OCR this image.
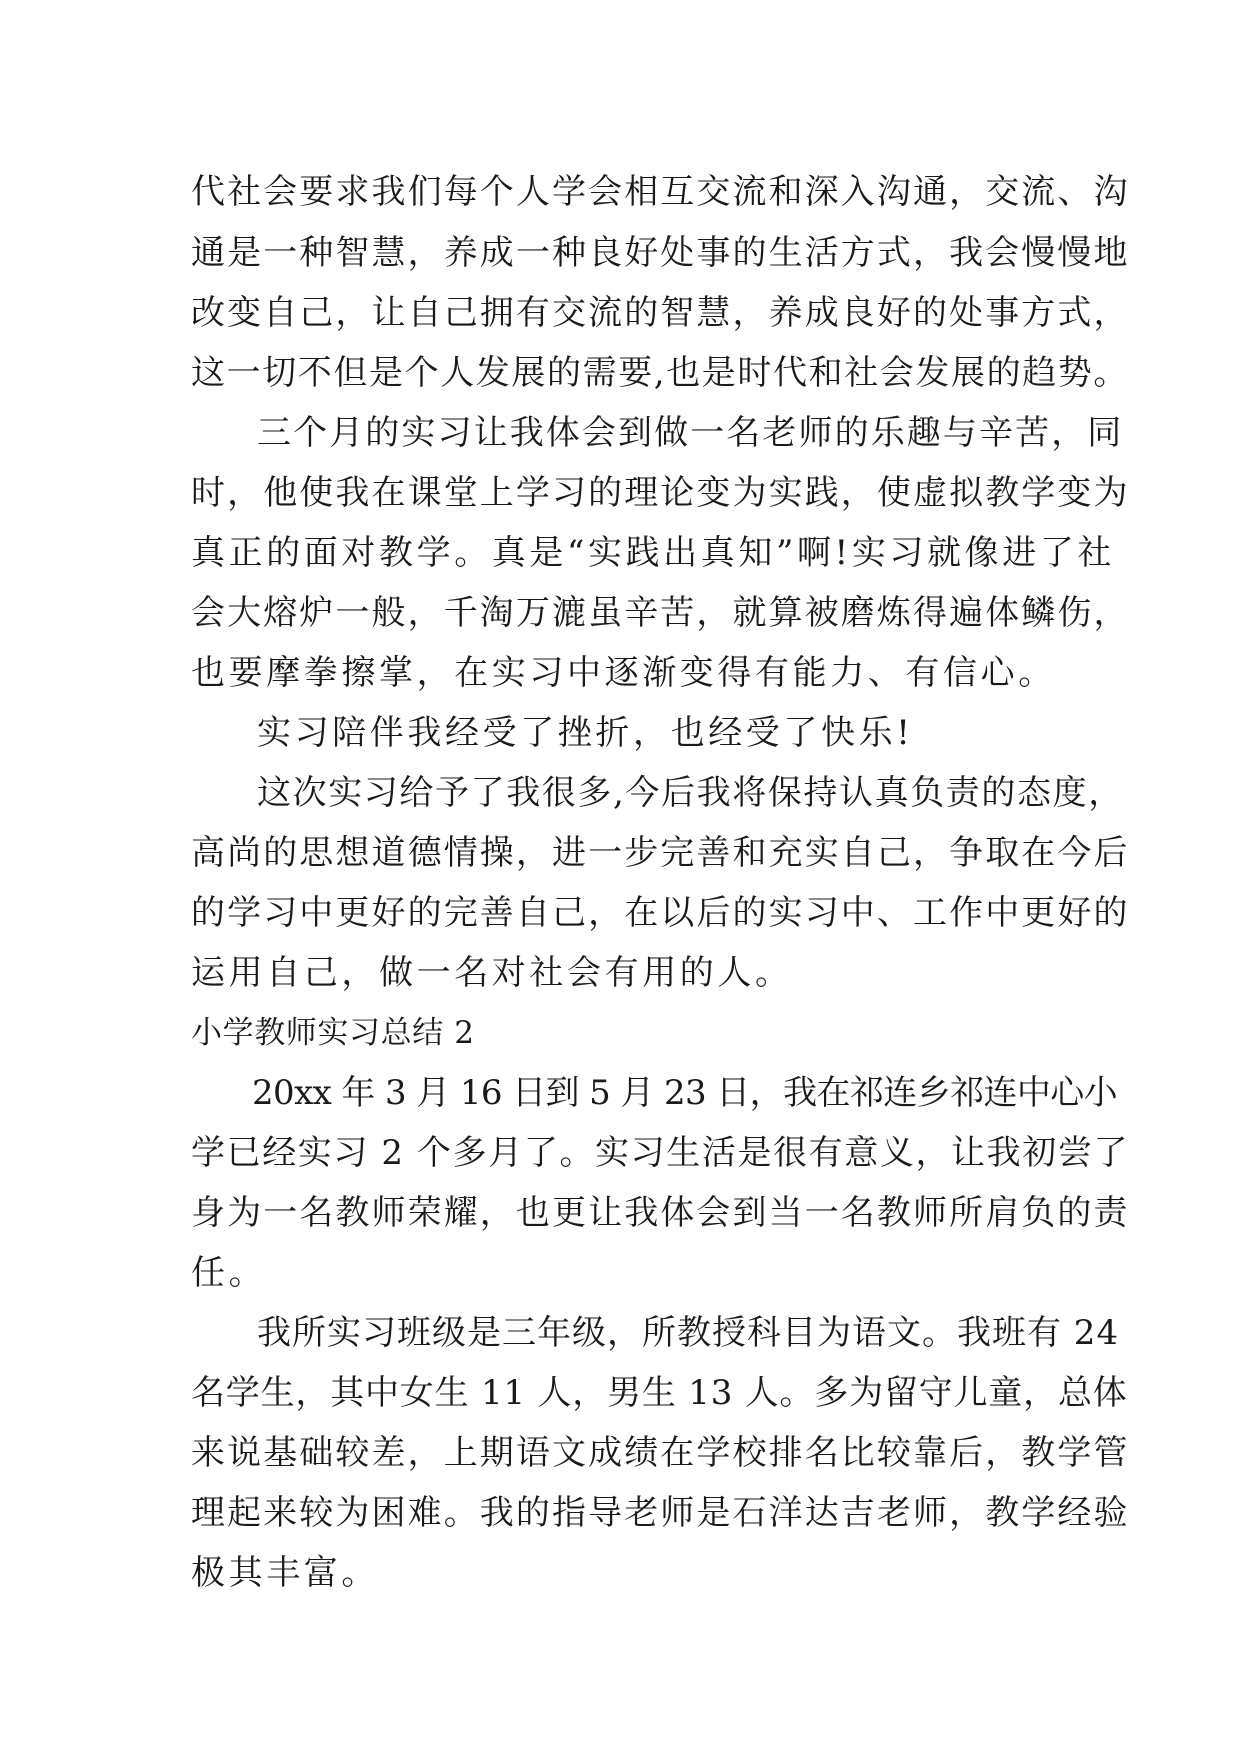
代社会要求我们每个人学会相互交流和深入沟通，交流、沟
通是一种智慧，养成一种良好处事的生活方式，我会慢慢地
改变自己，让自己拥有交流的智慧，养成良好的处事方式，
这一切不但是个人发展的需要,也是时代和社会发展的趋势。
三个月的实习让我体会到做一名老师的乐趣与辛苦，同
时，他使我在课堂上学习的理论变为实践，使虚拟教学变为
真正的面对教学。真是“实践出真知”啊!实习就像进了社
会大熔炉一般，千淘万漉虽辛苦，就算被磨炼得遍体鳞伤，
也要摩拳擦掌，在实习中逐渐变得有能力、有信心。
实习陪伴我经受了挫折，也经受了快乐!
这次实习给予了我很多,今后我将保持认真负责的态度，
高尚的思想道德情操，进一步完善和充实自己，争取在今后
的学习中更好的完善自己，在以后的实习中、工作中更好的
运用自己，做一名对社会有用的人。
小学教师实习总结 2
20xx 年 3 月 16 日到 5 月 23 日，我在祁连乡祁连中心小
学已经实习 2 个多月了。实习生活是很有意义，让我初尝了
身为一名教师荣耀，也更让我体会到当一名教师所肩负的责
任。
我所实习班级是三年级，所教授科目为语文。我班有 24
名学生，其中女生 11 人，男生 13 人。多为留守儿童，总体
来说基础较差，上期语文成绩在学校排名比较靠后，教学管
理起来较为困难。我的指导老师是石洋达吉老师，教学经验
极其丰富。
